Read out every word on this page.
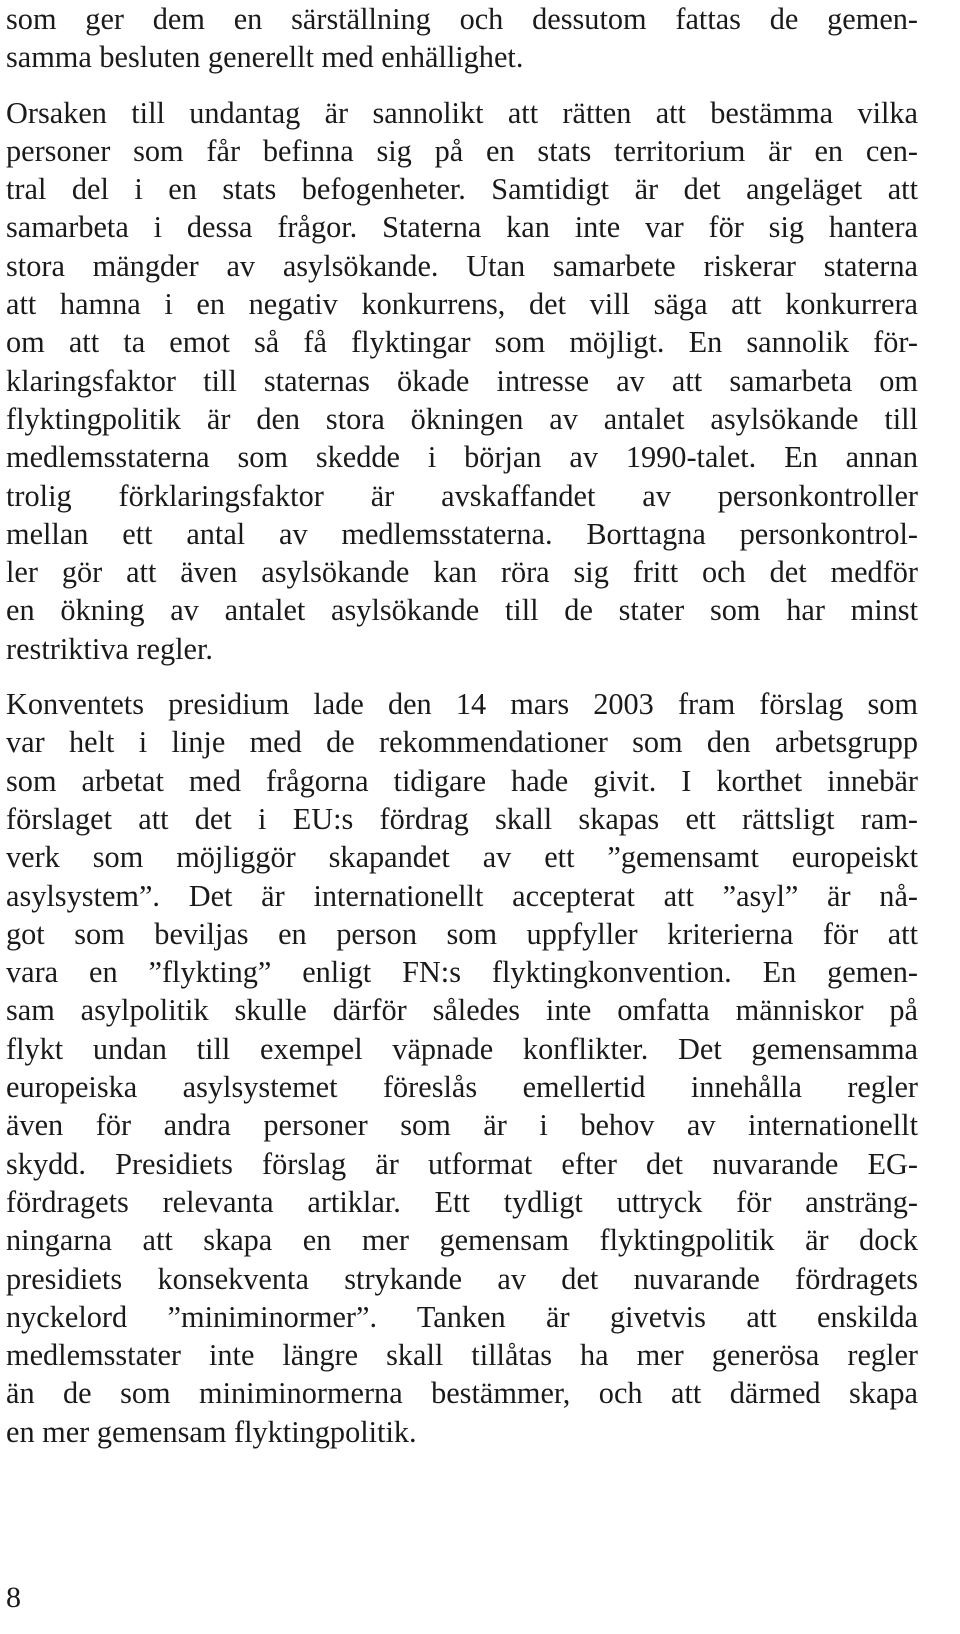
som ger dem en särställning och dessutom fattas de gemen-
samma besluten generellt med enhällighet.

Orsaken till undantag är sannolikt att rätten att bestämma vilka
personer som får befinna sig på en stats territorium är en cen-
tral del i en stats befogenheter. Samtidigt är det angeläget att
samarbeta i dessa frågor. Staterna kan inte var för sig hantera
stora mängder av asylsökande. Utan samarbete riskerar staterna
att hamna i en negativ konkurrens, det vill säga att konkurrera
om att ta emot så få flyktingar som möjligt. En sannolik för-
klaringsfaktor till staternas ökade intresse av att samarbeta om
flyktingpolitik är den stora ökningen av antalet asylsökande till
medlemsstaterna som skedde i början av 1990-talet. En annan
trolig förklaringsfaktor är avskaffandet av personkontroller
mellan ett antal av medlemsstaterna. Borttagna personkontrol-
ler gör att även asylsökande kan röra sig fritt och det medför
en ökning av antalet asylsökande till de stater som har minst
restriktiva regler.

Konventets presidium lade den 14 mars 2003 fram förslag som
var helt i linje med de rekommendationer som den arbetsgrupp
som arbetat med frågorna tidigare hade givit. I korthet innebär
förslaget att det i EU:s fördrag skall skapas ett rättsligt ram-
verk som möjliggör skapandet av ett ”gemensamt europeiskt
asylsystem”. Det är internationellt accepterat att ”asyl” är nå-
got som beviljas en person som uppfyller kriterierna för att
vara en ”flykting” enligt FN:s flyktingkonvention. En gemen-
sam asylpolitik skulle därför således inte omfatta människor på
flykt undan till exempel väpnade konflikter. Det gemensamma
europeiska asylsystemet föreslås emellertid innehålla regler
även för andra personer som är i behov av internationellt
skydd. Presidiets förslag är utformat efter det nuvarande EG-
fördragets relevanta artiklar. Ett tydligt uttryck för ansträng-
ningarna att skapa en mer gemensam flyktingpolitik är dock
presidiets konsekventa strykande av det nuvarande fördragets
nyckelord ”miniminormer”. Tanken är givetvis att enskilda
medlemsstater inte längre skall tillåtas ha mer generösa regler
än de som miniminormerna bestämmer, och att därmed skapa
en mer gemensam flyktingpolitik.

8
